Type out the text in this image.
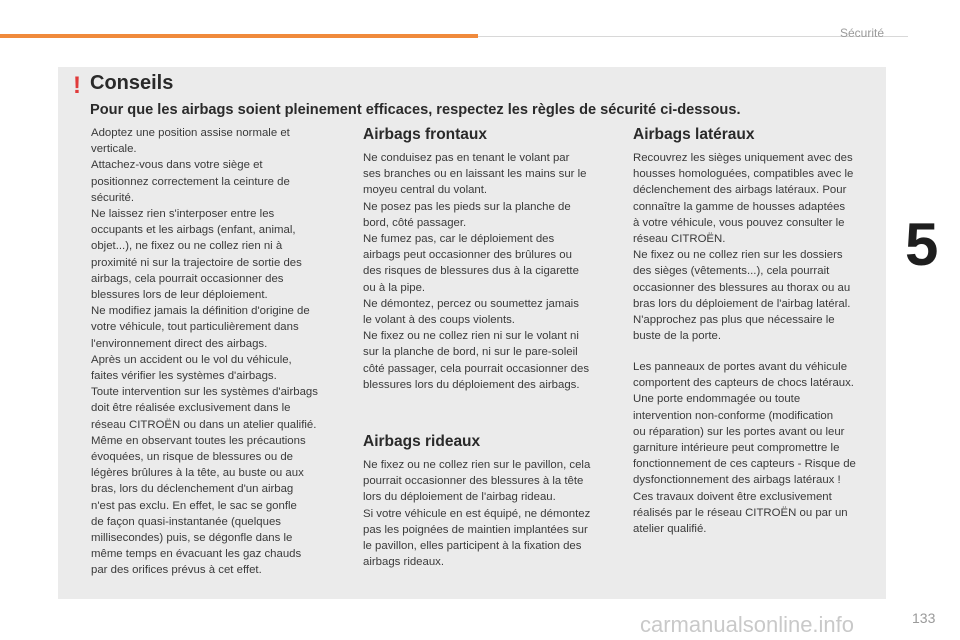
Sécurité
5
! Conseils
Pour que les airbags soient pleinement efficaces, respectez les règles de sécurité ci-dessous.

Adoptez une position assise normale et

verticale.

Attachez-vous dans votre siège et

positionnez correctement la ceinture de

sécurité.

Ne laissez rien s'interposer entre les

occupants et les airbags (enfant, animal,

objet...), ne fixez ou ne collez rien ni à

proximité ni sur la trajectoire de sortie des

airbags, cela pourrait occasionner des

blessures lors de leur déploiement.

Ne modifiez jamais la définition d'origine de

votre véhicule, tout particulièrement dans

l'environnement direct des airbags.

Après un accident ou le vol du véhicule,

faites vérifier les systèmes d'airbags.

Toute intervention sur les systèmes d'airbags

doit être réalisée exclusivement dans le

réseau CITROËN ou dans un atelier qualifié.

Même en observant toutes les précautions

évoquées, un risque de blessures ou de

légères brûlures à la tête, au buste ou aux

bras, lors du déclenchement d'un airbag

n'est pas exclu. En effet, le sac se gonfle

de façon quasi-instantanée (quelques

millisecondes) puis, se dégonfle dans le

même temps en évacuant les gaz chauds

par des orifices prévus à cet effet.

Airbags frontaux

Ne conduisez pas en tenant le volant par

ses branches ou en laissant les mains sur le

moyeu central du volant.

Ne posez pas les pieds sur la planche de

bord, côté passager.

Ne fumez pas, car le déploiement des

airbags peut occasionner des brûlures ou

des risques de blessures dus à la cigarette

ou à la pipe.

Ne démontez, percez ou soumettez jamais

le volant à des coups violents.

Ne fixez ou ne collez rien ni sur le volant ni

sur la planche de bord, ni sur le pare-soleil

côté passager, cela pourrait occasionner des

blessures lors du déploiement des airbags.

Airbags rideaux

Ne fixez ou ne collez rien sur le pavillon, cela

pourrait occasionner des blessures à la tête

lors du déploiement de l'airbag rideau.

Si votre véhicule en est équipé, ne démontez

pas les poignées de maintien implantées sur

le pavillon, elles participent à la fixation des

airbags rideaux.

Airbags latéraux

Recouvrez les sièges uniquement avec des

housses homologuées, compatibles avec le

déclenchement des airbags latéraux. Pour

connaître la gamme de housses adaptées

à votre véhicule, vous pouvez consulter le

réseau CITROËN.

Ne fixez ou ne collez rien sur les dossiers

des sièges (vêtements...), cela pourrait

occasionner des blessures au thorax ou au

bras lors du déploiement de l'airbag latéral.

N'approchez pas plus que nécessaire le

buste de la porte.

Les panneaux de portes avant du véhicule

comportent des capteurs de chocs latéraux.

Une porte endommagée ou toute

intervention non-conforme (modification

ou réparation) sur les portes avant ou leur

garniture intérieure peut compromettre le

fonctionnement de ces capteurs - Risque de

dysfonctionnement des airbags latéraux !

Ces travaux doivent être exclusivement

réalisés par le réseau CITROËN ou par un

atelier qualifié.

carmanualsonline.info	133
